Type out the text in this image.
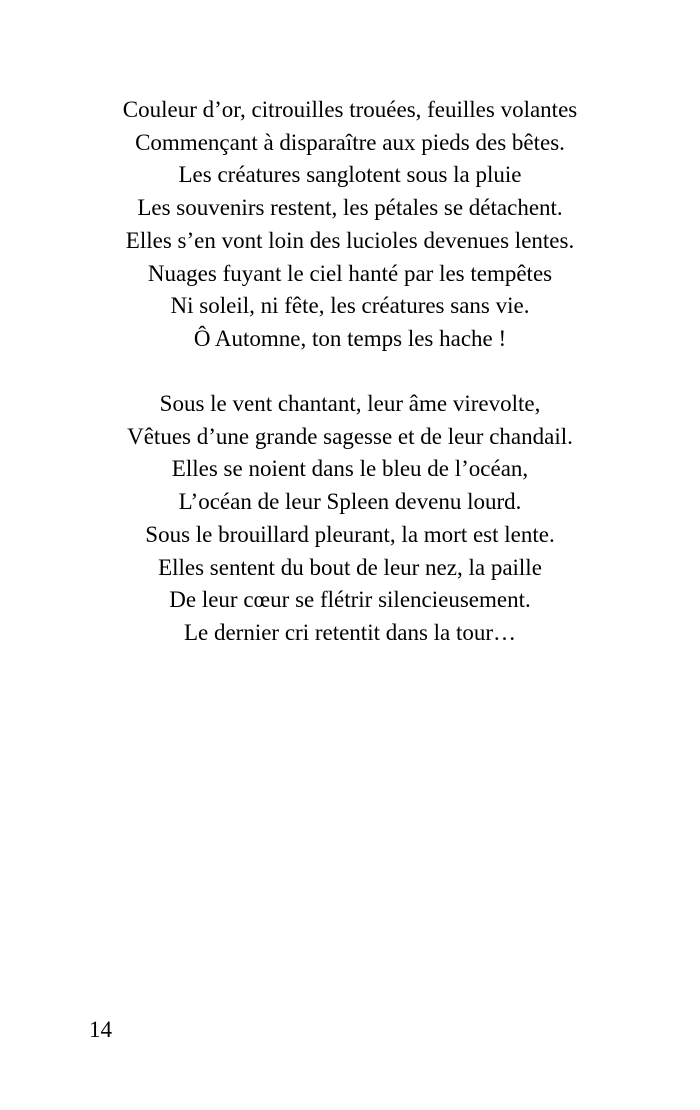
Couleur d’or, citrouilles trouées, feuilles volantes
Commençant à disparaître aux pieds des bêtes.
Les créatures sanglotent sous la pluie
Les souvenirs restent, les pétales se détachent.
Elles s’en vont loin des lucioles devenues lentes.
Nuages fuyant le ciel hanté par les tempêtes
Ni soleil, ni fête, les créatures sans vie.
Ô Automne, ton temps les hache !
Sous le vent chantant, leur âme virevolte,
Vêtues d’une grande sagesse et de leur chandail.
Elles se noient dans le bleu de l’océan,
L’océan de leur Spleen devenu lourd.
Sous le brouillard pleurant, la mort est lente.
Elles sentent du bout de leur nez, la paille
De leur cœur se flétrir silencieusement.
Le dernier cri retentit dans la tour…
14
